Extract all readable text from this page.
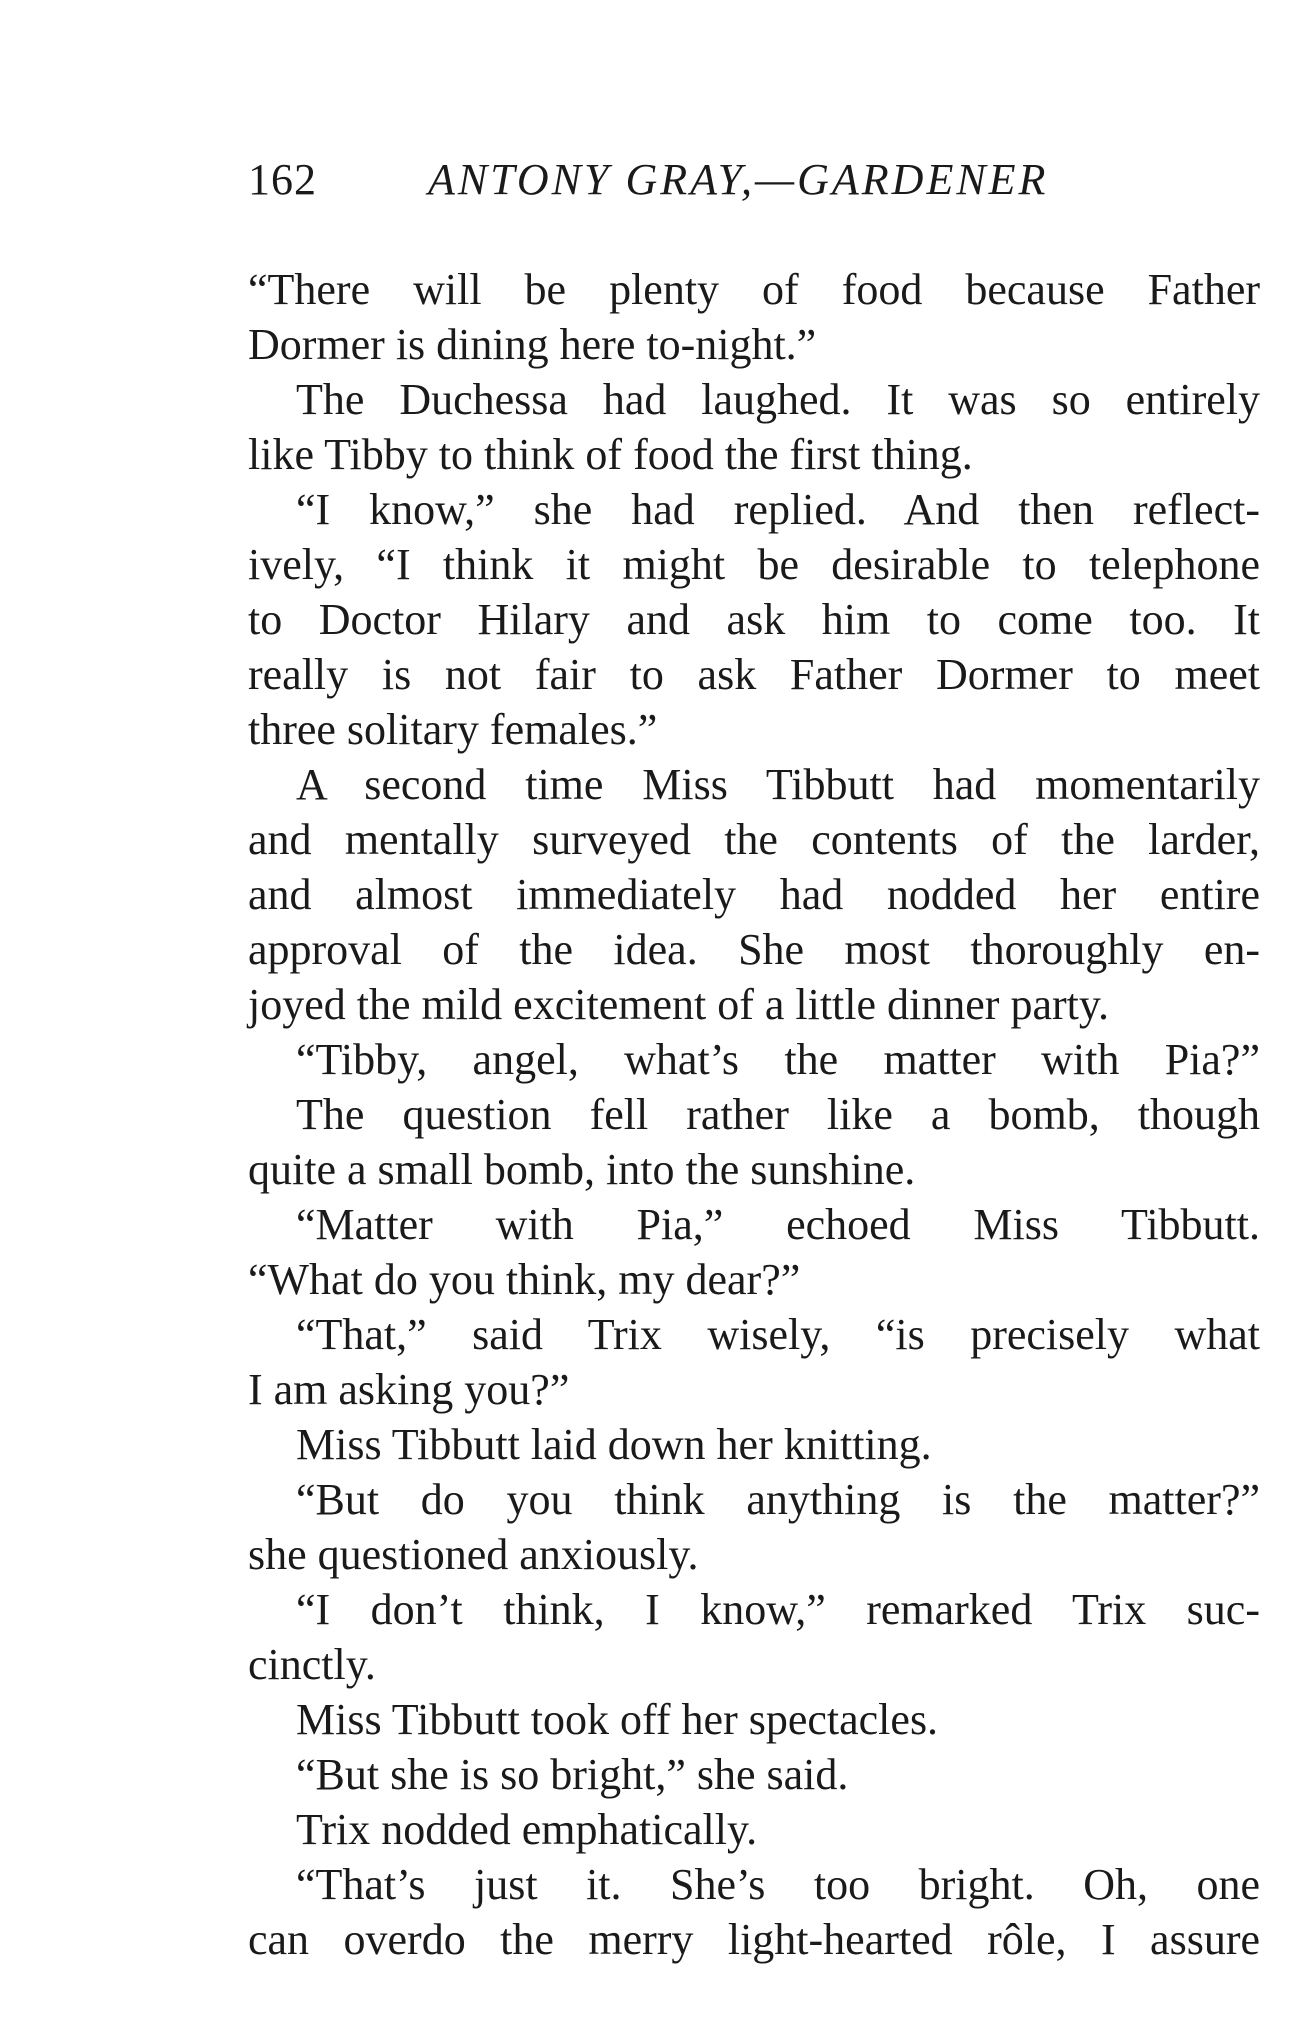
162	ANTONY GRAY,—GARDENER
“There will be plenty of food because Father
Dormer is dining here to-night.”
The Duchessa had laughed. It was so entirely
like Tibby to think of food the first thing.
“I know,” she had replied. And then reflect-
ively, “I think it might be desirable to telephone
to Doctor Hilary and ask him to come too. It
really is not fair to ask Father Dormer to meet
three solitary females.”
A second time Miss Tibbutt had momentarily
and mentally surveyed the contents of the larder,
and almost immediately had nodded her entire
approval of the idea. She most thoroughly en-
joyed the mild excitement of a little dinner party.
“Tibby, angel, what’s the matter with Pia?”
The question fell rather like a bomb, though
quite a small bomb, into the sunshine.
“Matter with Pia,” echoed Miss Tibbutt.
“What do you think, my dear?”
“That,” said Trix wisely, “is precisely what
I am asking you?”
Miss Tibbutt laid down her knitting.
“But do you think anything is the matter?”
she questioned anxiously.
“I don’t think, I know,” remarked Trix suc-
cinctly.
Miss Tibbutt took off her spectacles.
“But she is so bright,” she said.
Trix nodded emphatically.
“That’s just it. She’s too bright. Oh, one
can overdo the merry light-hearted rôle, I assure
